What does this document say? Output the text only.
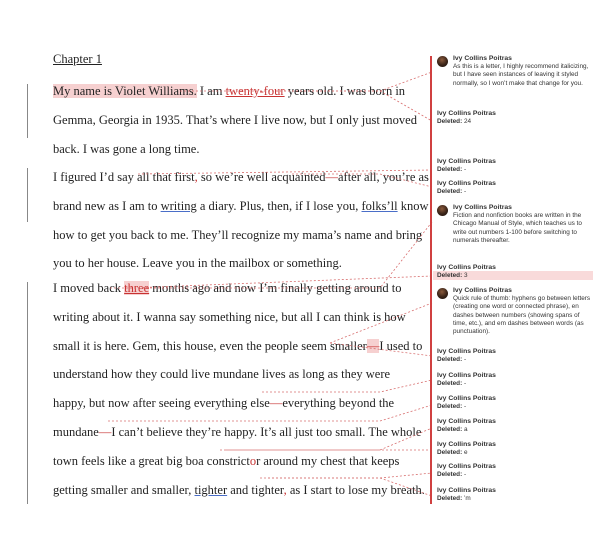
Chapter 1
My name is Violet Williams. I am twenty-four years old. I was born in
Gemma, Georgia in 1935. That’s where I live now, but I only just moved
back. I was gone a long time.
I figured I’d say all that first, so we’re well acquainted—after all, you’re as
brand new as I am to writing a diary. Plus, then, if I lose you, folks’ll know
how to get you back to me. They’ll recognize my mama’s name and bring
you to her house. Leave you in the mailbox or something.
I moved back three months ago and now I’m finally getting around to
writing about it. I wanna say something nice, but all I can think is how
small it is here. Gem, this house, even the people seem smaller—I used to
understand how they could live mundane lives as long as they were
happy, but now after seeing everything else—everything beyond the
mundane—I can’t believe they’re happy. It’s all just too small. The whole
town feels like a great big boa constrictor around my chest that keeps
getting smaller and smaller, tighter and tighter, as I start to lose my breath.
Ivy Collins Poitras
As this is a letter, I highly recommend italicizing, but I have seen instances of leaving it styled normally, so I won’t make that change for you.
Ivy Collins Poitras
Deleted: 24
Ivy Collins Poitras
Deleted: -
Ivy Collins Poitras
Deleted: -
Ivy Collins Poitras
Fiction and nonfiction books are written in the Chicago Manual of Style, which teaches us to write out numbers 1-100 before switching to numerals thereafter.
Ivy Collins Poitras
Deleted: 3
Ivy Collins Poitras
Quick rule of thumb: hyphens go between letters (creating one word or connected phrase), en dashes between numbers (showing spans of time, etc.), and em dashes between words (as punctuation).
Ivy Collins Poitras
Deleted: -
Ivy Collins Poitras
Deleted: -
Ivy Collins Poitras
Deleted: -
Ivy Collins Poitras
Deleted: a
Ivy Collins Poitras
Deleted: e
Ivy Collins Poitras
Deleted: -
Ivy Collins Poitras
Deleted: ’m
